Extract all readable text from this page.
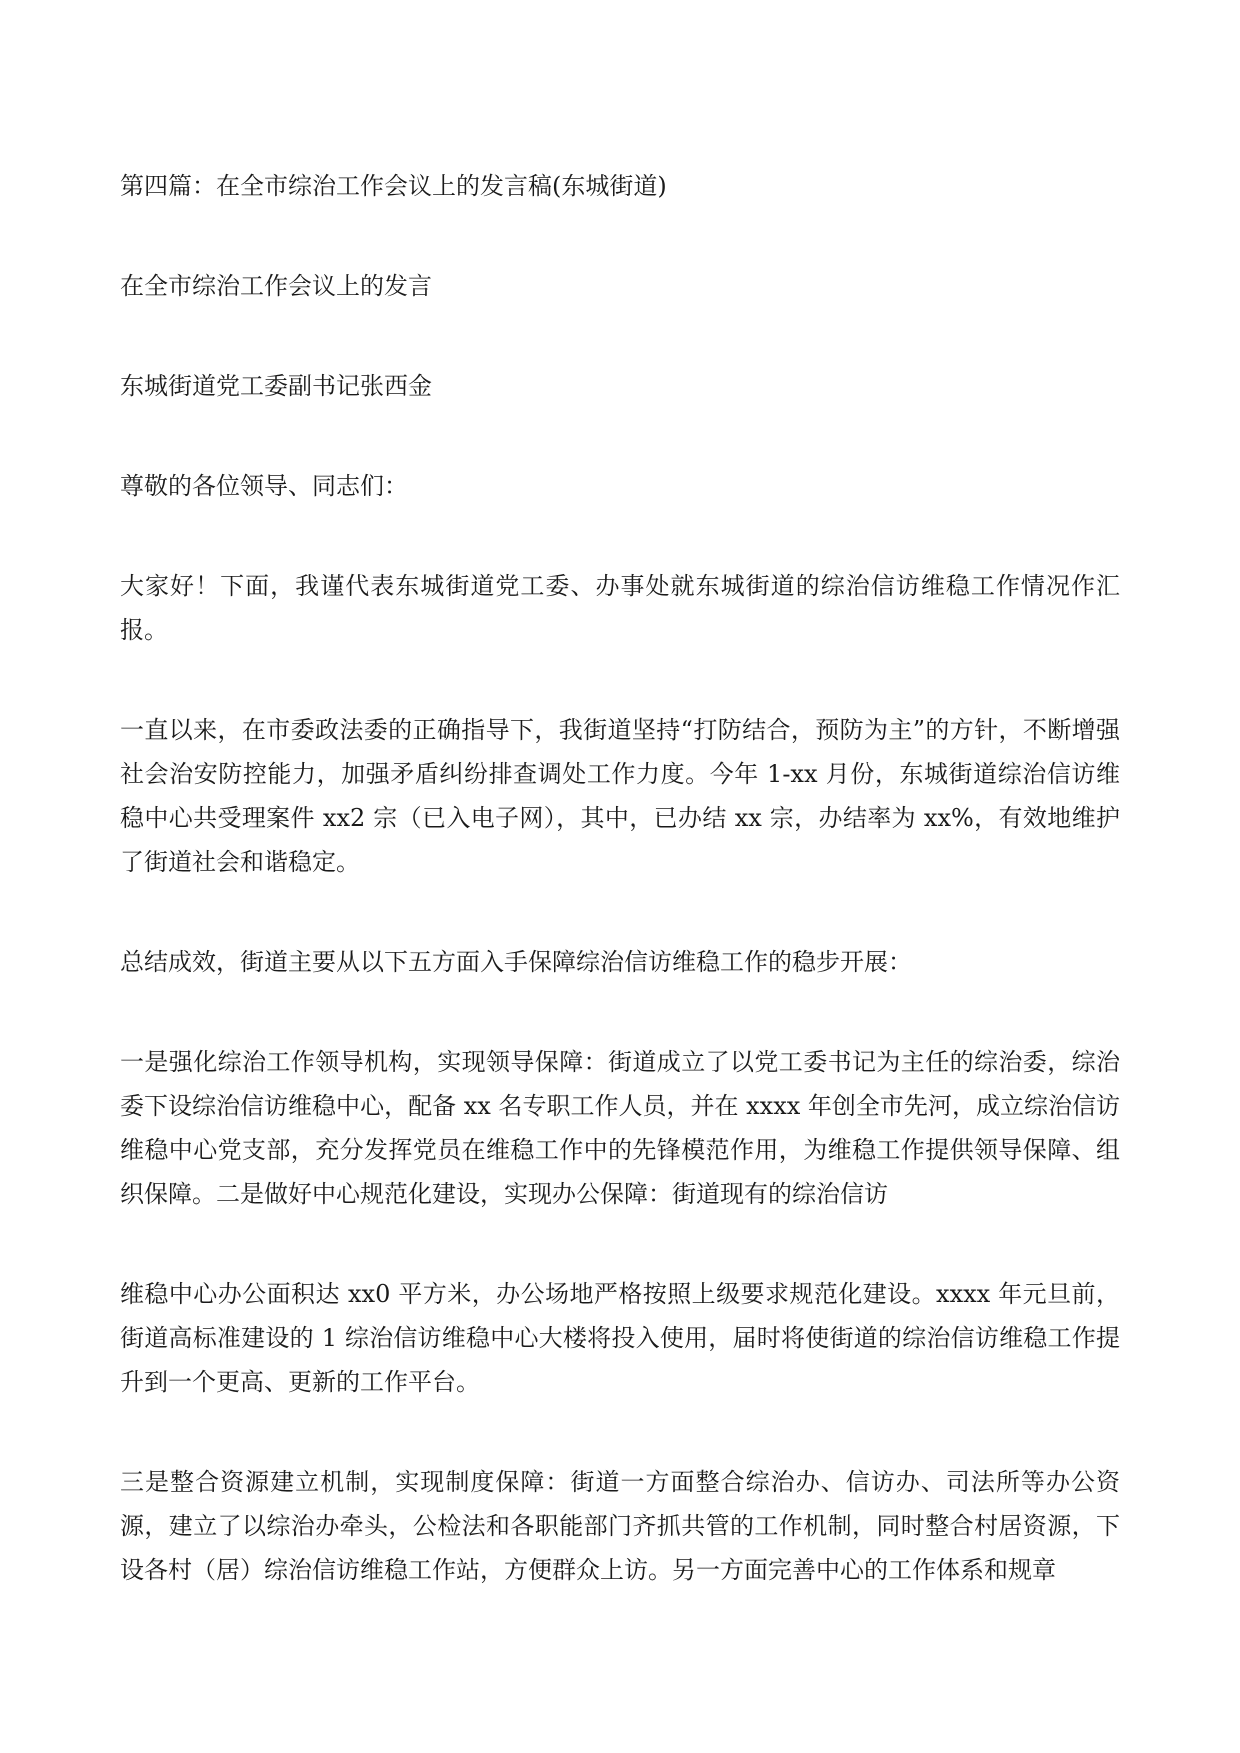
第四篇：在全市综治工作会议上的发言稿(东城街道)

在全市综治工作会议上的发言

东城街道党工委副书记张西金

尊敬的各位领导、同志们：

大家好！下面，我谨代表东城街道党工委、办事处就东城街道的综治信访维稳工作情况作汇报。

一直以来，在市委政法委的正确指导下，我街道坚持“打防结合，预防为主”的方针，不断增强社会治安防控能力，加强矛盾纠纷排查调处工作力度。今年 1-xx 月份，东城街道综治信访维稳中心共受理案件 xx2 宗（已入电子网），其中，已办结 xx 宗，办结率为 xx%，有效地维护了街道社会和谐稳定。

总结成效，街道主要从以下五方面入手保障综治信访维稳工作的稳步开展：

一是强化综治工作领导机构，实现领导保障：街道成立了以党工委书记为主任的综治委，综治委下设综治信访维稳中心，配备 xx 名专职工作人员，并在 xxxx 年创全市先河，成立综治信访维稳中心党支部，充分发挥党员在维稳工作中的先锋模范作用，为维稳工作提供领导保障、组织保障。二是做好中心规范化建设，实现办公保障：街道现有的综治信访

维稳中心办公面积达 xx0 平方米，办公场地严格按照上级要求规范化建设。xxxx 年元旦前，街道高标准建设的 1 综治信访维稳中心大楼将投入使用，届时将使街道的综治信访维稳工作提升到一个更高、更新的工作平台。

三是整合资源建立机制，实现制度保障：街道一方面整合综治办、信访办、司法所等办公资源，建立了以综治办牵头，公检法和各职能部门齐抓共管的工作机制，同时整合村居资源，下设各村（居）综治信访维稳工作站，方便群众上访。另一方面完善中心的工作体系和规章
